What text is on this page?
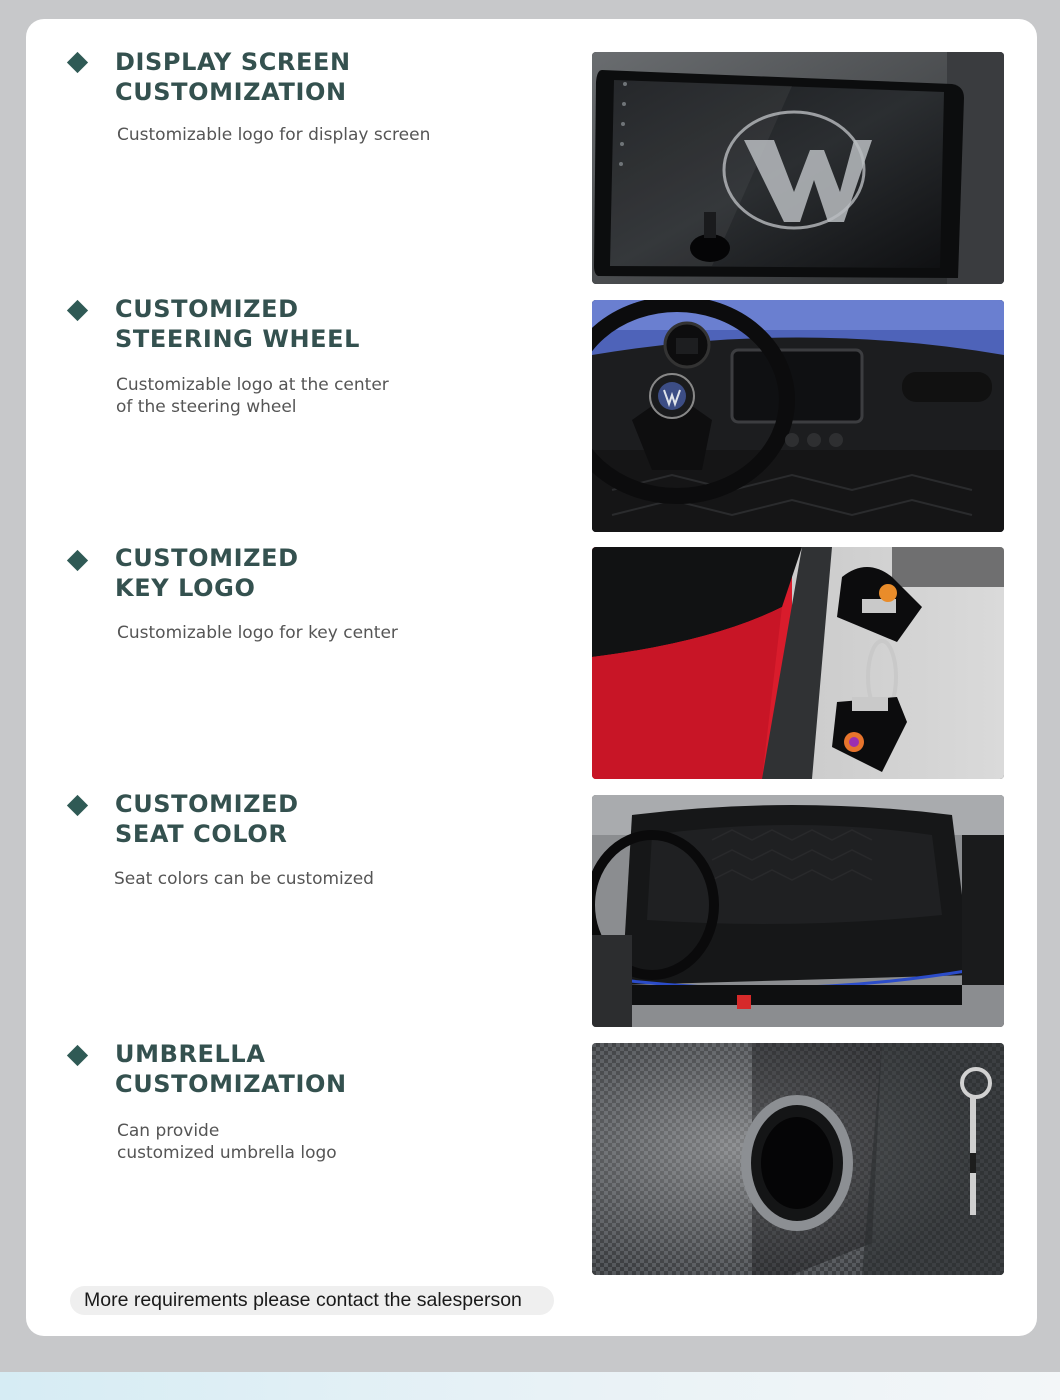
DISPLAY SCREEN
CUSTOMIZATION

Customizable logo for display screen

CUSTOMIZED
STEERING WHEEL

Customizable logo at the center
of the steering wheel

CUSTOMIZED
KEY LOGO

Customizable logo for key center

CUSTOMIZED
SEAT COLOR

Seat colors can be customized

UMBRELLA
CUSTOMIZATION

Can provide
customized umbrella logo

More requirements please contact the salesperson
